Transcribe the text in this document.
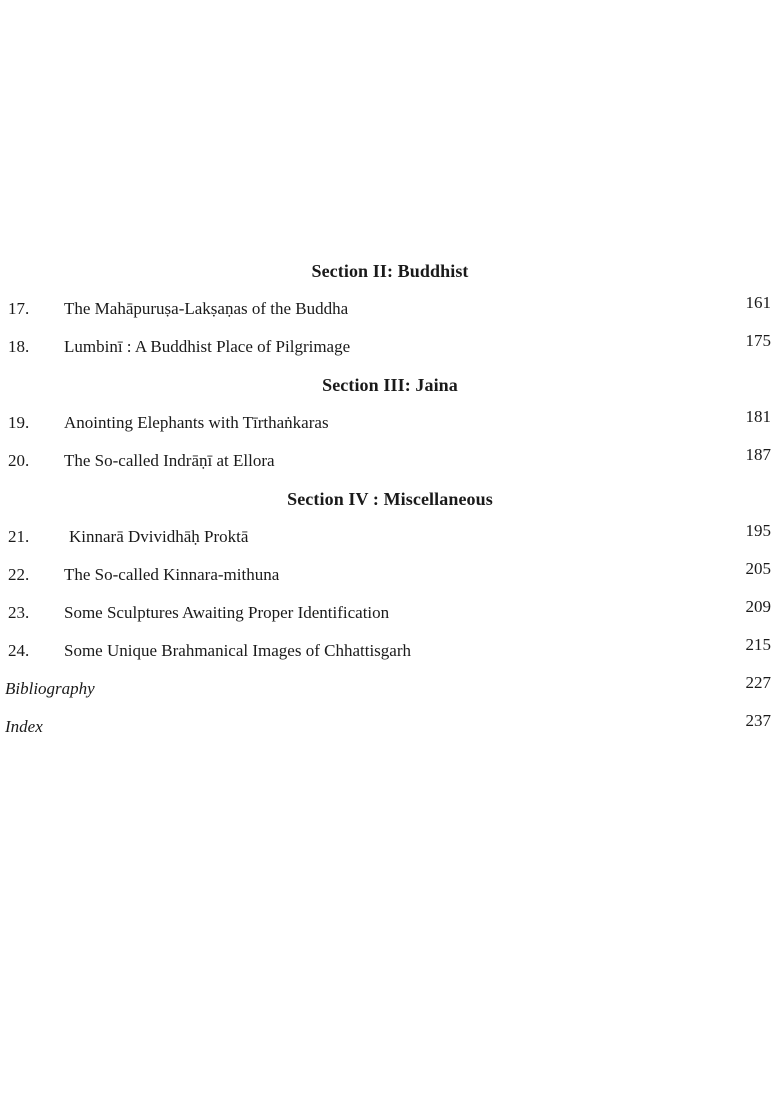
Section II: Buddhist
17.	The Mahāpuruṣa-Lakṣaṇas of the Buddha	161
18.	Lumbinī : A Buddhist Place of Pilgrimage	175
Section III: Jaina
19.	Anointing Elephants with Tīrthaṅkaras	181
20.	The So-called Indrāṇī at Ellora	187
Section IV : Miscellaneous
21.	Kinnarā Dvividhāḥ Proktā	195
22.	The So-called Kinnara-mithuna	205
23.	Some Sculptures Awaiting Proper Identification	209
24.	Some Unique Brahmanical Images of Chhattisgarh	215
Bibliography	227
Index	237
